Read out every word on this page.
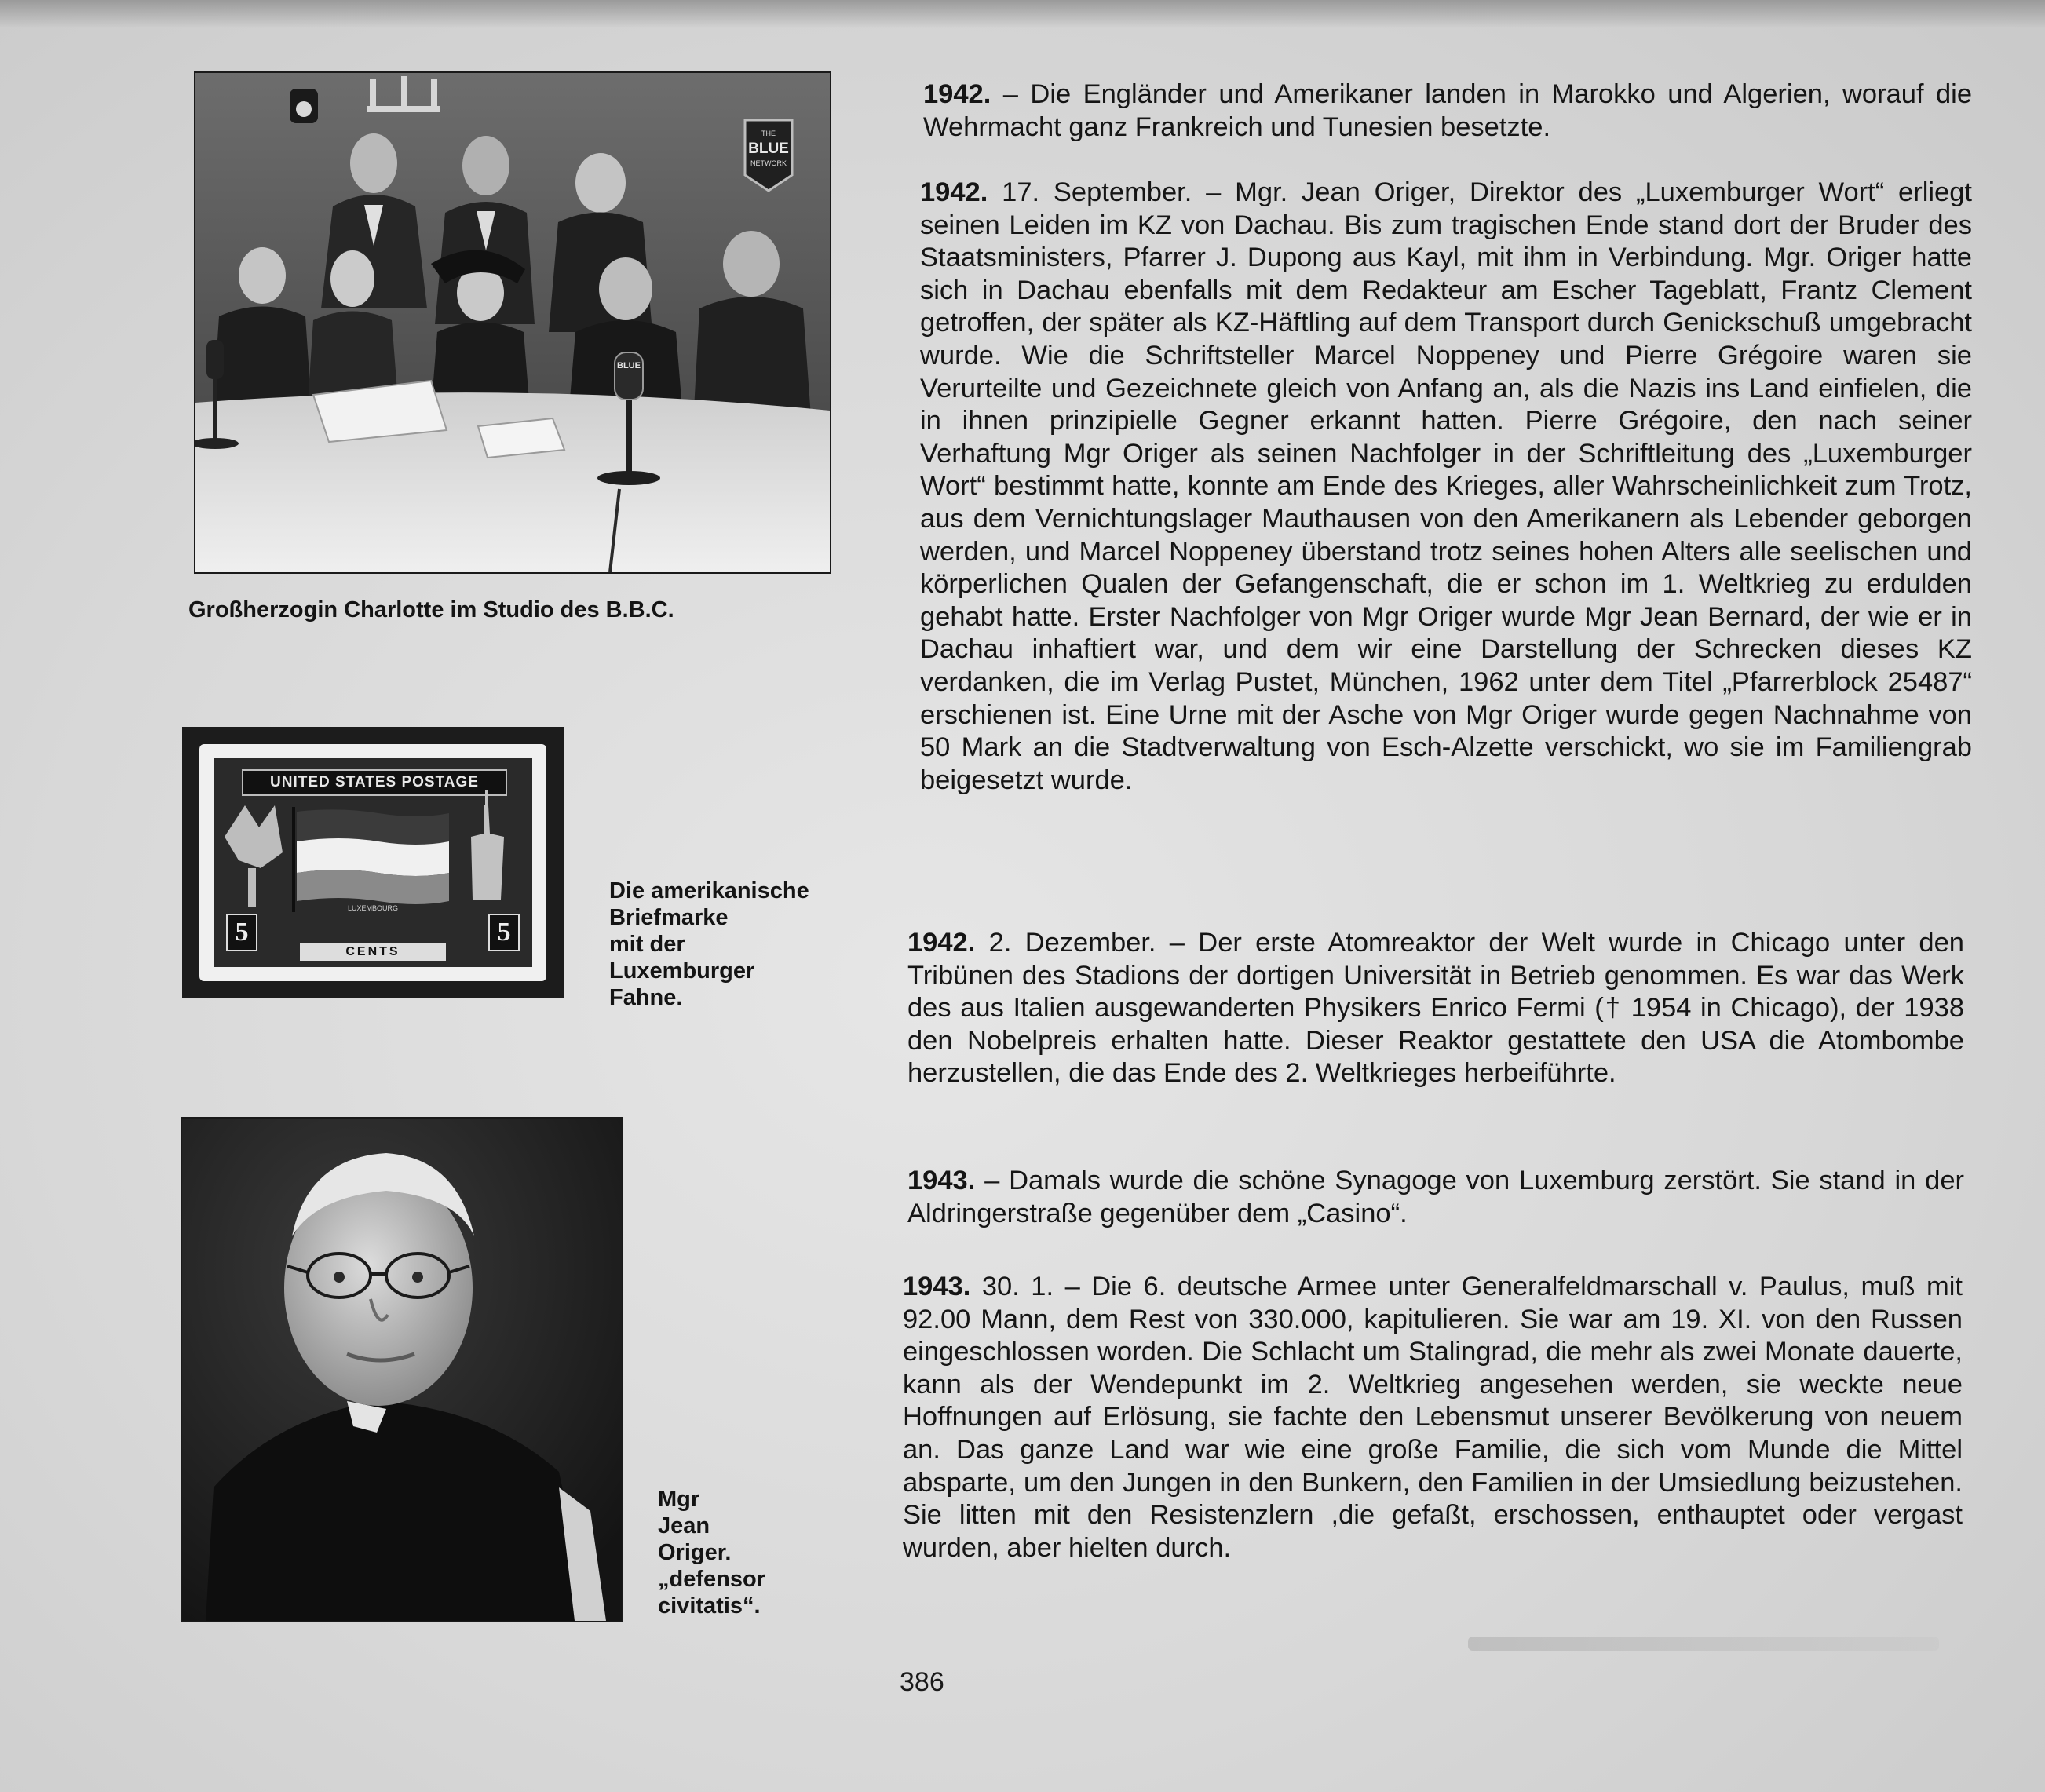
THE
BLUE
NETWORK
BLUE
Großherzogin Charlotte im Studio des B.B.C.
UNITED STATES POSTAGE
LUXEMBOURG
5	5
CENTS
Die amerikanische
Briefmarke
mit der
Luxemburger
Fahne.
Mgr
Jean
Origer.
„defensor
civitatis“.

1942. – Die Engländer und Amerikaner landen in Marokko und Algerien, worauf die Wehrmacht ganz Frankreich und Tunesien besetzte.

1942. 17. September. – Mgr. Jean Origer, Direktor des „Luxemburger Wort“ erliegt seinen Leiden im KZ von Dachau. Bis zum tragischen Ende stand dort der Bruder des Staatsministers, Pfarrer J. Dupong aus Kayl, mit ihm in Verbindung. Mgr. Origer hatte sich in Dachau ebenfalls mit dem Redakteur am Escher Tageblatt, Frantz Clement getroffen, der später als KZ-Häftling auf dem Transport durch Genickschuß umgebracht wurde. Wie die Schriftsteller Marcel Noppeney und Pierre Grégoire waren sie Verurteilte und Gezeichnete gleich von Anfang an, als die Nazis ins Land einfielen, die in ihnen prinzipielle Gegner erkannt hatten. Pierre Grégoire, den nach seiner Verhaftung Mgr Origer als seinen Nachfolger in der Schriftleitung des „Luxemburger Wort“ bestimmt hatte, konnte am Ende des Krieges, aller Wahrscheinlichkeit zum Trotz, aus dem Vernichtungslager Mauthausen von den Amerikanern als Lebender geborgen werden, und Marcel Noppeney überstand trotz seines hohen Alters alle seelischen und körperlichen Qualen der Gefangenschaft, die er schon im 1. Weltkrieg zu erdulden gehabt hatte. Erster Nachfolger von Mgr Origer wurde Mgr Jean Bernard, der wie er in Dachau inhaftiert war, und dem wir eine Darstellung der Schrecken dieses KZ verdanken, die im Verlag Pustet, München, 1962 unter dem Titel „Pfarrerblock 25487“ erschienen ist. Eine Urne mit der Asche von Mgr Origer wurde gegen Nachnahme von 50 Mark an die Stadtverwaltung von Esch-Alzette verschickt, wo sie im Familiengrab beigesetzt wurde.

1942. 2. Dezember. – Der erste Atomreaktor der Welt wurde in Chicago unter den Tribünen des Stadions der dortigen Universität in Betrieb genommen. Es war das Werk des aus Italien ausgewanderten Physikers Enrico Fermi († 1954 in Chicago), der 1938 den Nobelpreis erhalten hatte. Dieser Reaktor gestattete den USA die Atombombe herzustellen, die das Ende des 2. Weltkrieges herbeiführte.

1943. – Damals wurde die schöne Synagoge von Luxemburg zerstört. Sie stand in der Aldringerstraße gegenüber dem „Casino“.

1943. 30. 1. – Die 6. deutsche Armee unter Generalfeldmarschall v. Paulus, muß mit 92.00 Mann, dem Rest von 330.000, kapitulieren. Sie war am 19. XI. von den Russen eingeschlossen worden. Die Schlacht um Stalingrad, die mehr als zwei Monate dauerte, kann als der Wendepunkt im 2. Weltkrieg angesehen werden, sie weckte neue Hoffnungen auf Erlösung, sie fachte den Lebensmut unserer Bevölkerung von neuem an. Das ganze Land war wie eine große Familie, die sich vom Munde die Mittel absparte, um den Jungen in den Bunkern, den Familien in der Umsiedlung beizustehen. Sie litten mit den Resistenzlern ,die gefaßt, erschossen, enthauptet oder vergast wurden, aber hielten durch.

386
